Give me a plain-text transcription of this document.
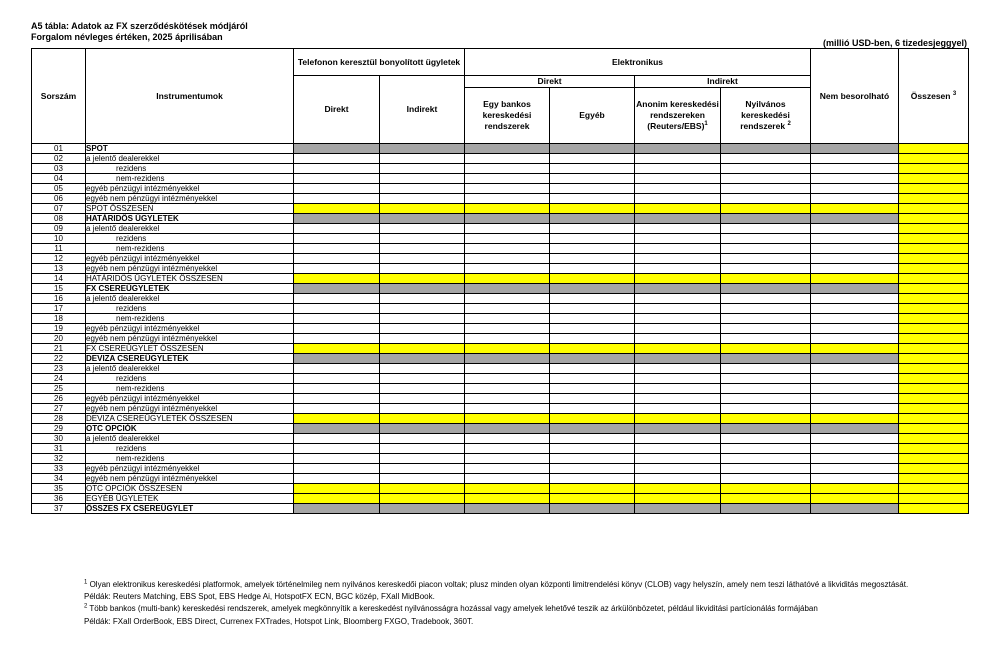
A5 tábla: Adatok az FX szerződéskötések módjáról
Forgalom névleges értéken, 2025 áprilisában
(millió USD-ben, 6 tizedesjeggyel)
Sorszám	Instrumentumok	Telefonon keresztül bonyolított ügyletek		Elektronikus				Nem besorolható	Összesen $^3$
		Direkt	Indirekt	Direkt		Indirekt			
				Egy bankos kereskedési rendszerek	Egyéb	Anonim kereskedési rendszereken (Reuters/EBS)$^1$	Nyilvános kereskedési rendszerek $^2$
01	SPOT								
02	a jelentő dealerekkel								
03	rezidens								
04	nem-rezidens								
05	egyéb pénzügyi intézményekkel								
06	egyéb nem pénzügyi intézményekkel								
07	SPOT ÖSSZESEN								
08	HATÁRIDŐS ÜGYLETEK								
09	a jelentő dealerekkel								
10	rezidens								
11	nem-rezidens								
12	egyéb pénzügyi intézményekkel								
13	egyéb nem pénzügyi intézményekkel								
14	HATÁRIDŐS ÜGYLETEK ÖSSZESEN								
15	FX CSEREÜGYLETEK								
16	a jelentő dealerekkel								
17	rezidens								
18	nem-rezidens								
19	egyéb pénzügyi intézményekkel								
20	egyéb nem pénzügyi intézményekkel								
21	FX CSEREÜGYLET ÖSSZESEN								
22	DEVIZA CSEREÜGYLETEK								
23	a jelentő dealerekkel								
24	rezidens								
25	nem-rezidens								
26	egyéb pénzügyi intézményekkel								
27	egyéb nem pénzügyi intézményekkel								
28	DEVIZA CSEREÜGYLETEK ÖSSZESEN								
29	OTC OPCIÓK								
30	a jelentő dealerekkel								
31	rezidens								
32	nem-rezidens								
33	egyéb pénzügyi intézményekkel								
34	egyéb nem pénzügyi intézményekkel								
35	OTC OPCIÓK ÖSSZESEN								
36	EGYÉB ÜGYLETEK								
37	ÖSSZES FX CSEREÜGYLET								

$^1$ Olyan elektronikus kereskedési platformok, amelyek történelmileg nem nyilvános kereskedői piacon voltak; plusz minden olyan központi limitrendelési könyv (CLOB) vagy helyszín, amely nem teszi láthatóvé a likviditás megosztását.

Példák: Reuters Matching, EBS Spot, EBS Hedge Ai, HotspotFX ECN, BGC közép, FXall MidBook.

$^2$ Több bankos (multi-bank) kereskedési rendszerek, amelyek megkönnyítik a kereskedést nyilvánosságra hozással vagy amelyek lehetővé teszik az árkülönbözetet, például likviditási partícionálás formájában

Példák: FXall OrderBook, EBS Direct, Currenex FXTrades, Hotspot Link, Bloomberg FXGO, Tradebook, 360T.
